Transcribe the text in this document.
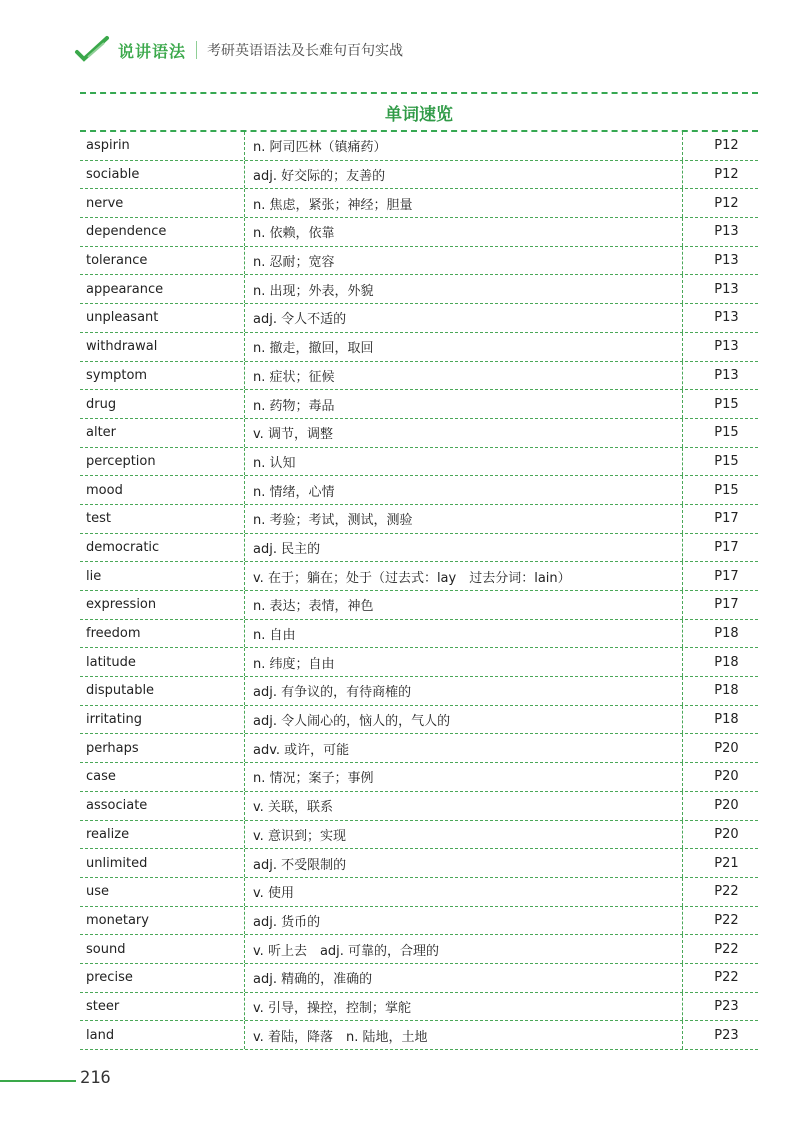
说讲语法 考研英语语法及长难句百句实战
单词速览
aspirin	n. 阿司匹林（镇痛药）	P12
sociable	adj. 好交际的；友善的	P12
nerve	n. 焦虑，紧张；神经；胆量	P12
dependence	n. 依赖，依靠	P13
tolerance	n. 忍耐；宽容	P13
appearance	n. 出现；外表，外貌	P13
unpleasant	adj. 令人不适的	P13
withdrawal	n. 撤走，撤回，取回	P13
symptom	n. 症状；征候	P13
drug	n. 药物；毒品	P15
alter	v. 调节，调整	P15
perception	n. 认知	P15
mood	n. 情绪，心情	P15
test	n. 考验；考试，测试，测验	P17
democratic	adj. 民主的	P17
lie	v. 在于；躺在；处于（过去式：lay　过去分词：lain）	P17
expression	n. 表达；表情，神色	P17
freedom	n. 自由	P18
latitude	n. 纬度；自由	P18
disputable	adj. 有争议的，有待商榷的	P18
irritating	adj. 令人闹心的，恼人的，气人的	P18
perhaps	adv. 或许，可能	P20
case	n. 情况；案子；事例	P20
associate	v. 关联，联系	P20
realize	v. 意识到；实现	P20
unlimited	adj. 不受限制的	P21
use	v. 使用	P22
monetary	adj. 货币的	P22
sound	v. 听上去　adj. 可靠的，合理的	P22
precise	adj. 精确的，准确的	P22
steer	v. 引导，操控，控制；掌舵	P23
land	v. 着陆，降落　n. 陆地，土地	P23
216
